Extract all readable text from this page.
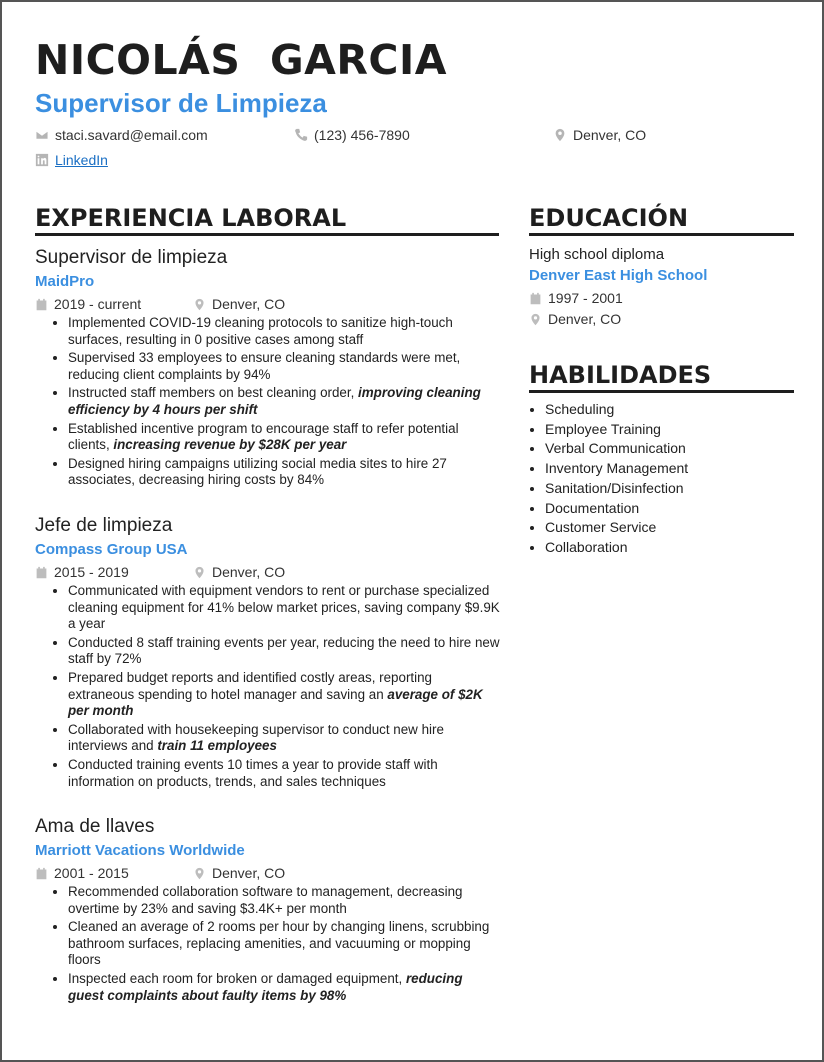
NICOLÁS  GARCIA
Supervisor de Limpieza
staci.savard@email.com	(123) 456-7890	Denver, CO
LinkedIn
EXPERIENCIA LABORAL

Supervisor de limpieza

MaidPro

2019 - current	Denver, CO
• Implemented COVID-19 cleaning protocols to sanitize high-touch surfaces, resulting in 0 positive cases among staff
• Supervised 33 employees to ensure cleaning standards were met, reducing client complaints by 94%
• Instructed staff members on best cleaning order, improving cleaning efficiency by 4 hours per shift
• Established incentive program to encourage staff to refer potential clients, increasing revenue by $28K per year
• Designed hiring campaigns utilizing social media sites to hire 27 associates, decreasing hiring costs by 84%

Jefe de limpieza

Compass Group USA

2015 - 2019	Denver, CO
• Communicated with equipment vendors to rent or purchase specialized cleaning equipment for 41% below market prices, saving company $9.9K a year
• Conducted 8 staff training events per year, reducing the need to hire new staff by 72%
• Prepared budget reports and identified costly areas, reporting extraneous spending to hotel manager and saving an average of $2K per month
• Collaborated with housekeeping supervisor to conduct new hire interviews and train 11 employees
• Conducted training events 10 times a year to provide staff with information on products, trends, and sales techniques

Ama de llaves

Marriott Vacations Worldwide

2001 - 2015	Denver, CO
• Recommended collaboration software to management, decreasing overtime by 23% and saving $3.4K+ per month
• Cleaned an average of 2 rooms per hour by changing linens, scrubbing bathroom surfaces, replacing amenities, and vacuuming or mopping floors
• Inspected each room for broken or damaged equipment, reducing guest complaints about faulty items by 98%
EDUCACIÓN

High school diploma

Denver East High School

1997 - 2001
Denver, CO
HABILIDADES
• Scheduling
• Employee Training
• Verbal Communication
• Inventory Management
• Sanitation/Disinfection
• Documentation
• Customer Service
• Collaboration
